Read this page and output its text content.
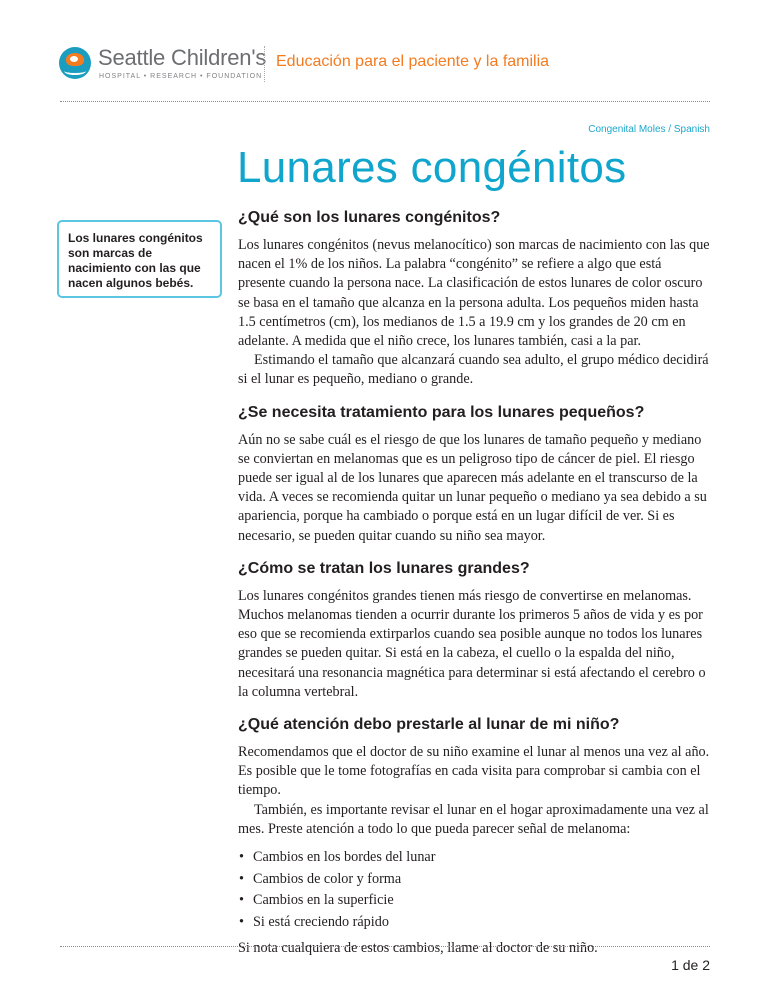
Seattle Children's
HOSPITAL • RESEARCH • FOUNDATION
Educación para el paciente y la familia
Congenital Moles / Spanish
Lunares congénitos
Los lunares congénitos son marcas de nacimiento con las que nacen algunos bebés.
¿Qué son los lunares congénitos?

Los lunares congénitos (nevus melanocítico) son marcas de nacimiento con las que nacen el 1% de los niños. La palabra “congénito” se refiere a algo que está presente cuando la persona nace. La clasificación de estos lunares de color oscuro se basa en el tamaño que alcanza en la persona adulta. Los pequeños miden hasta 1.5 centímetros (cm), los medianos de 1.5 a 19.9 cm y los grandes de 20 cm en adelante. A medida que el niño crece, los lunares también, casi a la par.

Estimando el tamaño que alcanzará cuando sea adulto, el grupo médico decidirá si el lunar es pequeño, mediano o grande.

¿Se necesita tratamiento para los lunares pequeños?

Aún no se sabe cuál es el riesgo de que los lunares de tamaño pequeño y mediano se conviertan en melanomas que es un peligroso tipo de cáncer de piel. El riesgo puede ser igual al de los lunares que aparecen más adelante en el transcurso de la vida. A veces se recomienda quitar un lunar pequeño o mediano ya sea debido a su apariencia, porque ha cambiado o porque está en un lugar difícil de ver. Si es necesario, se pueden quitar cuando su niño sea mayor.

¿Cómo se tratan los lunares grandes?

Los lunares congénitos grandes tienen más riesgo de convertirse en melanomas. Muchos melanomas tienden a ocurrir durante los primeros 5 años de vida y es por eso que se recomienda extirparlos cuando sea posible aunque no todos los lunares grandes se pueden quitar. Si está en la cabeza, el cuello o la espalda del niño, necesitará una resonancia magnética para determinar si está afectando el cerebro o la columna vertebral.

¿Qué atención debo prestarle al lunar de mi niño?

Recomendamos que el doctor de su niño examine el lunar al menos una vez al año. Es posible que le tome fotografías en cada visita para comprobar si cambia con el tiempo.

También, es importante revisar el lunar en el hogar aproximadamente una vez al mes. Preste atención a todo lo que pueda parecer señal de melanoma:

• Cambios en los bordes del lunar
• Cambios de color y forma
• Cambios en la superficie
• Si está creciendo rápido

Si nota cualquiera de estos cambios, llame al doctor de su niño.

1 de 2
